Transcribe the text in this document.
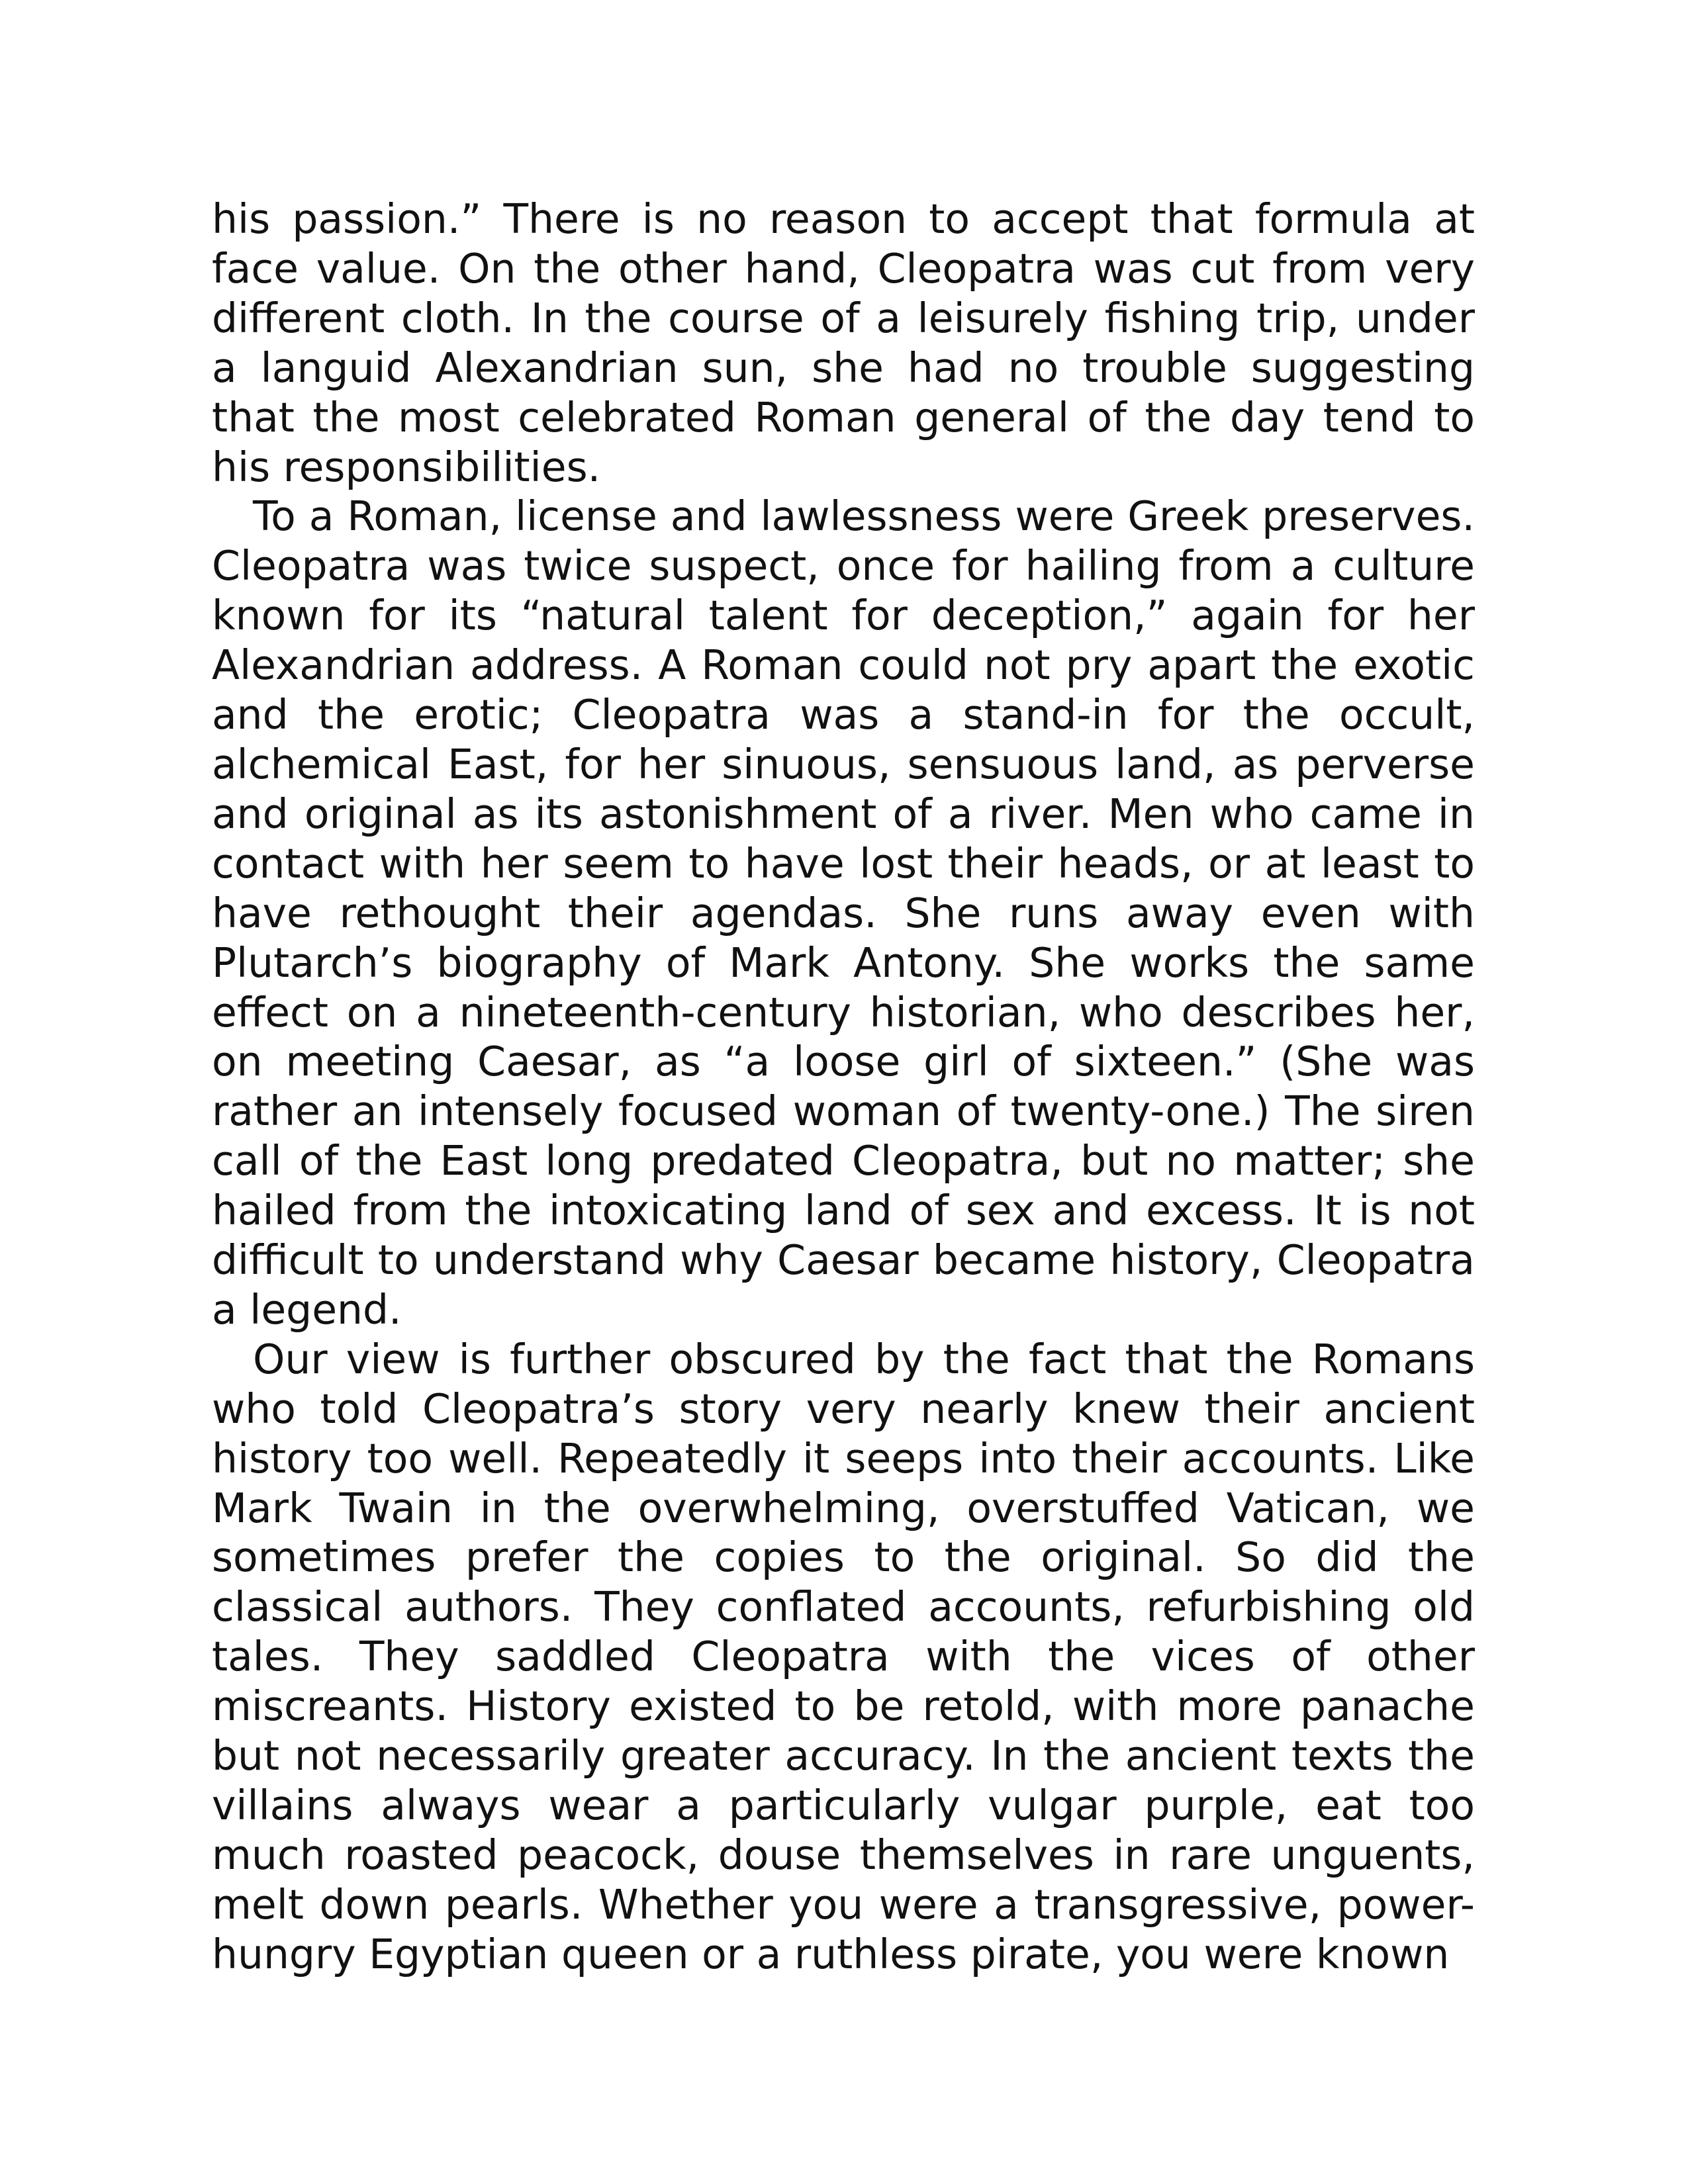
his passion.” There is no reason to accept that formula at face value. On the other hand, Cleopatra was cut from very different cloth. In the course of a leisurely fishing trip, under a languid Alexandrian sun, she had no trouble suggesting that the most celebrated Roman general of the day tend to his responsibilities.

To a Roman, license and lawlessness were Greek preserves. Cleopatra was twice suspect, once for hailing from a culture known for its “natural talent for deception,” again for her Alexandrian address. A Roman could not pry apart the exotic and the erotic; Cleopatra was a stand-in for the occult, alchemical East, for her sinuous, sensuous land, as perverse and original as its astonishment of a river. Men who came in contact with her seem to have lost their heads, or at least to have rethought their agendas. She runs away even with Plutarch’s biography of Mark Antony. She works the same effect on a nineteenth-century historian, who describes her, on meeting Caesar, as “a loose girl of sixteen.” (She was rather an intensely focused woman of twenty-one.) The siren call of the East long predated Cleopatra, but no matter; she hailed from the intoxicating land of sex and excess. It is not difficult to understand why Caesar became history, Cleopatra a legend.

Our view is further obscured by the fact that the Romans who told Cleopatra’s story very nearly knew their ancient history too well. Repeatedly it seeps into their accounts. Like Mark Twain in the overwhelming, overstuffed Vatican, we sometimes prefer the copies to the original. So did the classical authors. They conflated accounts, refurbishing old tales. They saddled Cleopatra with the vices of other miscreants. History existed to be retold, with more panache but not necessarily greater accuracy. In the ancient texts the villains always wear a particularly vulgar purple, eat too much roasted peacock, douse themselves in rare unguents, melt down pearls. Whether you were a transgressive, power-hungry Egyptian queen or a ruthless pirate, you were known
